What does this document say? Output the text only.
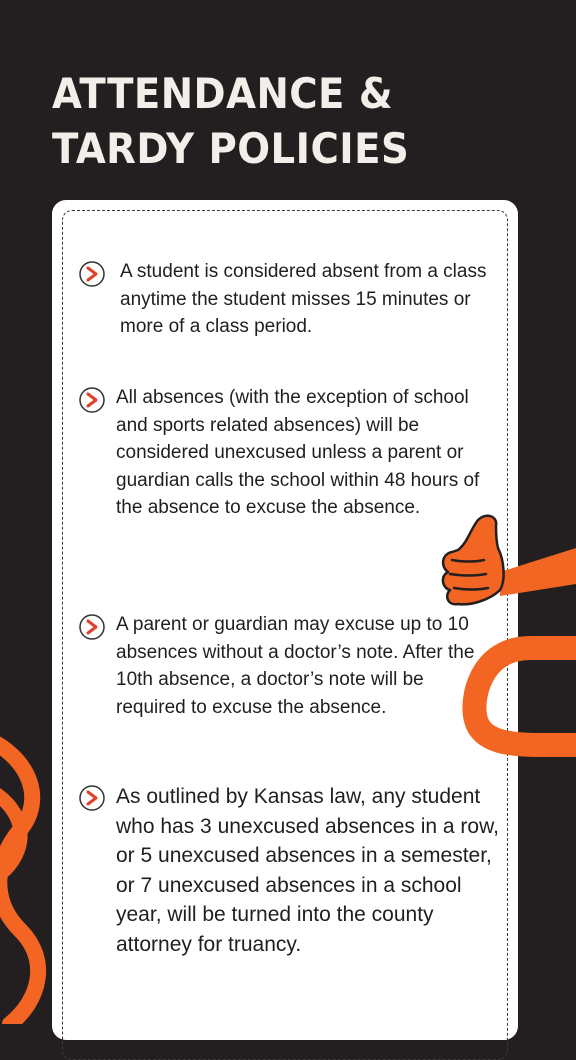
ATTENDANCE &
TARDY POLICIES
A student is considered absent from a class anytime the student misses 15 minutes or more of a class period.
All absences (with the exception of school and sports related absences) will be considered unexcused unless a parent or guardian calls the school within 48 hours of the absence to excuse the absence.
A parent or guardian may excuse up to 10 absences without a doctor’s note. After the 10th absence, a doctor’s note will be required to excuse the absence.
As outlined by Kansas law, any student who has 3 unexcused absences in a row, or 5 unexcused absences in a semester, or 7 unexcused absences in a school year, will be turned into the county attorney for truancy.
